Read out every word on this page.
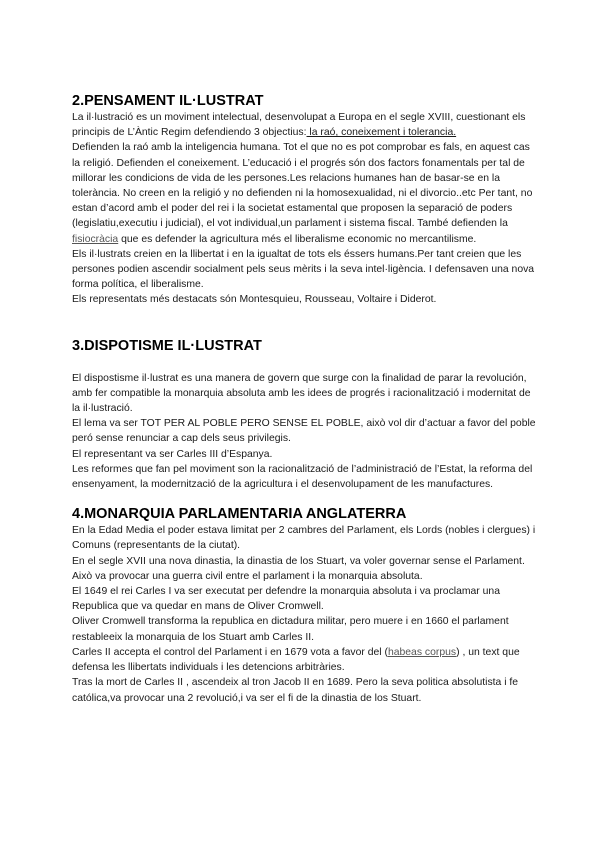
2.PENSAMENT IL·LUSTRAT

La il·lustració es un moviment intelectual, desenvolupat a Europa en el segle XVIII, cuestionant els principis de L’Àntic Regim defendiendo 3 objectius: la raó, coneixement i tolerancia.

Defienden la raó amb la inteligencia humana. Tot el que no es pot comprobar es fals, en aquest cas la religió. Defienden el coneixement. L’educació i el progrés són dos factors fonamentals per tal de millorar les condicions de vida de les persones.Les relacions humanes han de basar-se en la tolerància. No creen en la religió y no defienden ni la homosexualidad, ni el divorcio..etc Per tant, no estan d’acord amb el poder del rei i la societat estamental que proposen la separació de poders (legislatiu,executiu i judicial), el vot individual,un parlament i sistema fiscal. També defienden la fisiocràcia que es defender la agricultura més el liberalisme economic no mercantilisme.

Els il·lustrats creien en la llibertat i en la igualtat de tots els éssers humans.Per tant creien que les persones podien ascendir socialment pels seus mèrits i la seva intel·ligència. I defensaven una nova forma política, el liberalisme.

Els representats més destacats són Montesquieu, Rousseau, Voltaire i Diderot.

3.DISPOTISME IL·LUSTRAT

El dispostisme il·lustrat es una manera de govern que surge con la finalidad de parar la revolución, amb fer compatible la monarquia absoluta amb les idees de progrés i racionalització i modernitat de la il·lustració.

El lema va ser TOT PER AL POBLE PERO SENSE EL POBLE, això vol dir d’actuar a favor del poble peró sense renunciar a cap dels seus privilegis.

El representant va ser Carles III d’Espanya.

Les reformes que fan pel moviment son la racionalització de l’administració de l’Estat, la reforma del ensenyament, la modernització de la agricultura i el desenvolupament de les manufactures.

4.MONARQUIA PARLAMENTARIA ANGLATERRA

En la Edad Media el poder estava limitat per 2 cambres del Parlament, els Lords (nobles i clergues) i Comuns (representants de la ciutat).

En el segle XVII una nova dinastia, la dinastia de los Stuart, va voler governar sense el Parlament. Això va provocar una guerra civil entre el parlament i la monarquia absoluta.

El 1649 el rei Carles I va ser executat per defendre la monarquia absoluta i va proclamar una Republica que va quedar en mans de Oliver Cromwell.

Oliver Cromwell transforma la republica en dictadura militar, pero muere i en 1660 el parlament restableeix la monarquia de los Stuart amb Carles II.

Carles II accepta el control del Parlament i en 1679 vota a favor del (habeas corpus) , un text que defensa les llibertats individuals i les detencions arbitràries.

Tras la mort de Carles II , ascendeix al tron Jacob II en 1689. Pero la seva politica absolutista i fe católica,va provocar una 2 revolució,i va ser el fi de la dinastia de los Stuart.
